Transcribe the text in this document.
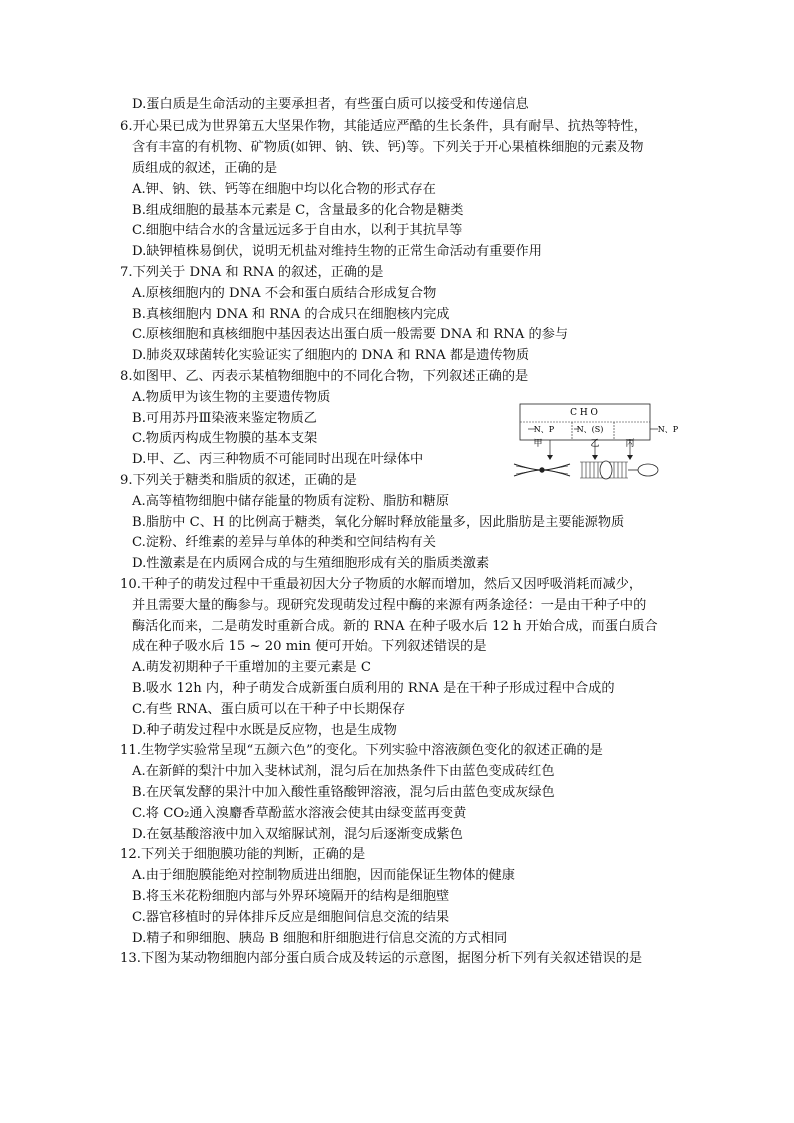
D.蛋白质是生命活动的主要承担者，有些蛋白质可以接受和传递信息
6.开心果已成为世界第五大坚果作物，其能适应严酷的生长条件，具有耐旱、抗热等特性，
含有丰富的有机物、矿物质(如钾、钠、铁、钙)等。下列关于开心果植株细胞的元素及物
质组成的叙述，正确的是
A.钾、钠、铁、钙等在细胞中均以化合物的形式存在
B.组成细胞的最基本元素是 C，含量最多的化合物是糖类
C.细胞中结合水的含量远远多于自由水，以利于其抗旱等
D.缺钾植株易倒伏，说明无机盐对维持生物的正常生命活动有重要作用
7.下列关于 DNA 和 RNA 的叙述，正确的是
A.原核细胞内的 DNA 不会和蛋白质结合形成复合物
B.真核细胞内 DNA 和 RNA 的合成只在细胞核内完成
C.原核细胞和真核细胞中基因表达出蛋白质一般需要 DNA 和 RNA 的参与
D.肺炎双球菌转化实验证实了细胞内的 DNA 和 RNA 都是遗传物质
8.如图甲、乙、丙表示某植物细胞中的不同化合物，下列叙述正确的是
A.物质甲为该生物的主要遗传物质
B.可用苏丹Ⅲ染液来鉴定物质乙
C.物质丙构成生物膜的基本支架
D.甲、乙、丙三种物质不可能同时出现在叶绿体中
9.下列关于糖类和脂质的叙述，正确的是
A.高等植物细胞中储存能量的物质有淀粉、脂肪和糖原
B.脂肪中 C、H 的比例高于糖类，氧化分解时释放能量多，因此脂肪是主要能源物质
C.淀粉、纤维素的差异与单体的种类和空间结构有关
D.性激素是在内质网合成的与生殖细胞形成有关的脂质类激素
10.干种子的萌发过程中干重最初因大分子物质的水解而增加，然后又因呼吸消耗而减少，
并且需要大量的酶参与。现研究发现萌发过程中酶的来源有两条途径：一是由干种子中的
酶活化而来，二是萌发时重新合成。新的 RNA 在种子吸水后 12 h 开始合成，而蛋白质合
成在种子吸水后 15 ~ 20 min 便可开始。下列叙述错误的是
A.萌发初期种子干重增加的主要元素是 C
B.吸水 12h 内，种子萌发合成新蛋白质利用的 RNA 是在干种子形成过程中合成的
C.有些 RNA、蛋白质可以在干种子中长期保存
D.种子萌发过程中水既是反应物，也是生成物
11.生物学实验常呈现“五颜六色”的变化。下列实验中溶液颜色变化的叙述正确的是
A.在新鲜的梨汁中加入斐林试剂，混匀后在加热条件下由蓝色变成砖红色
B.在厌氧发酵的果汁中加入酸性重铬酸钾溶液，混匀后由蓝色变成灰绿色
C.将 CO₂通入溴麝香草酚蓝水溶液会使其由绿变蓝再变黄
D.在氨基酸溶液中加入双缩脲试剂，混匀后逐渐变成紫色
12.下列关于细胞膜功能的判断，正确的是
A.由于细胞膜能绝对控制物质进出细胞，因而能保证生物体的健康
B.将玉米花粉细胞内部与外界环境隔开的结构是细胞壁
C.器官移植时的异体排斥反应是细胞间信息交流的结果
D.精子和卵细胞、胰岛 B 细胞和肝细胞进行信息交流的方式相同
13.下图为某动物细胞内部分蛋白质合成及转运的示意图，据图分析下列有关叙述错误的是
C H O
N、P	N、(S)	N、P
甲	乙	丙
